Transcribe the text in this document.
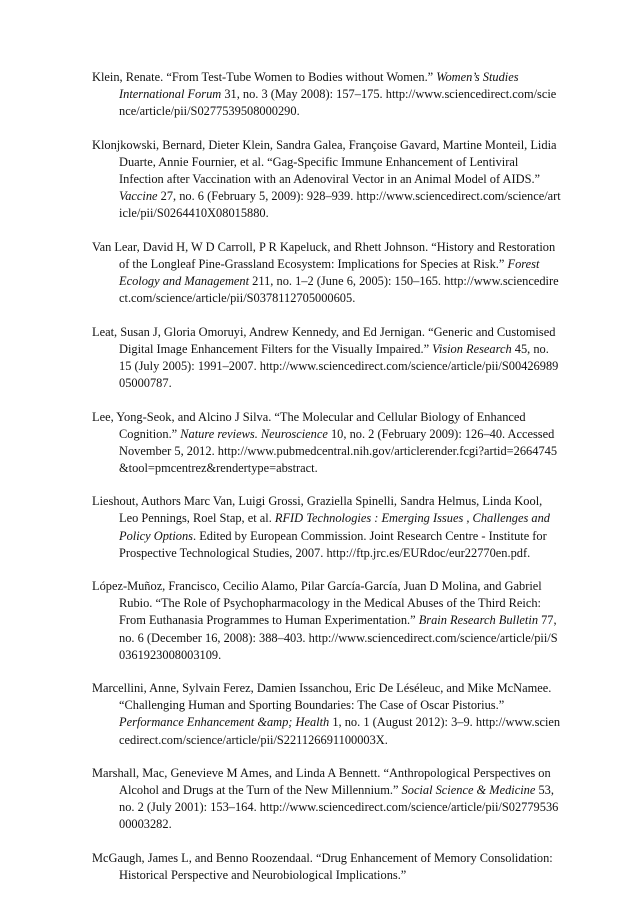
Klein, Renate. “From Test-Tube Women to Bodies without Women.” Women’s Studies International Forum 31, no. 3 (May 2008): 157–175. http://www.sciencedirect.com/science/article/pii/S0277539508000290.

Klonjkowski, Bernard, Dieter Klein, Sandra Galea, Françoise Gavard, Martine Monteil, Lidia Duarte, Annie Fournier, et al. “Gag-Specific Immune Enhancement of Lentiviral Infection after Vaccination with an Adenoviral Vector in an Animal Model of AIDS.” Vaccine 27, no. 6 (February 5, 2009): 928–939. http://www.sciencedirect.com/science/article/pii/S0264410X08015880.

Van Lear, David H, W D Carroll, P R Kapeluck, and Rhett Johnson. “History and Restoration of the Longleaf Pine-Grassland Ecosystem: Implications for Species at Risk.” Forest Ecology and Management 211, no. 1–2 (June 6, 2005): 150–165. http://www.sciencedirect.com/science/article/pii/S0378112705000605.

Leat, Susan J, Gloria Omoruyi, Andrew Kennedy, and Ed Jernigan. “Generic and Customised Digital Image Enhancement Filters for the Visually Impaired.” Vision Research 45, no. 15 (July 2005): 1991–2007. http://www.sciencedirect.com/science/article/pii/S0042698905000787.

Lee, Yong-Seok, and Alcino J Silva. “The Molecular and Cellular Biology of Enhanced Cognition.” Nature reviews. Neuroscience 10, no. 2 (February 2009): 126–40. Accessed November 5, 2012. http://www.pubmedcentral.nih.gov/articlerender.fcgi?artid=2664745&tool=pmcentrez&rendertype=abstract.

Lieshout, Authors Marc Van, Luigi Grossi, Graziella Spinelli, Sandra Helmus, Linda Kool, Leo Pennings, Roel Stap, et al. RFID Technologies : Emerging Issues , Challenges and Policy Options. Edited by European Commission. Joint Research Centre - Institute for Prospective Technological Studies, 2007. http://ftp.jrc.es/EURdoc/eur22770en.pdf.

López-Muñoz, Francisco, Cecilio Alamo, Pilar García-García, Juan D Molina, and Gabriel Rubio. “The Role of Psychopharmacology in the Medical Abuses of the Third Reich: From Euthanasia Programmes to Human Experimentation.” Brain Research Bulletin 77, no. 6 (December 16, 2008): 388–403. http://www.sciencedirect.com/science/article/pii/S0361923008003109.

Marcellini, Anne, Sylvain Ferez, Damien Issanchou, Eric De Léséleuc, and Mike McNamee. “Challenging Human and Sporting Boundaries: The Case of Oscar Pistorius.” Performance Enhancement &amp; Health 1, no. 1 (August 2012): 3–9. http://www.sciencedirect.com/science/article/pii/S221126691100003X.

Marshall, Mac, Genevieve M Ames, and Linda A Bennett. “Anthropological Perspectives on Alcohol and Drugs at the Turn of the New Millennium.” Social Science & Medicine 53, no. 2 (July 2001): 153–164. http://www.sciencedirect.com/science/article/pii/S0277953600003282.

McGaugh, James L, and Benno Roozendaal. “Drug Enhancement of Memory Consolidation: Historical Perspective and Neurobiological Implications.”
